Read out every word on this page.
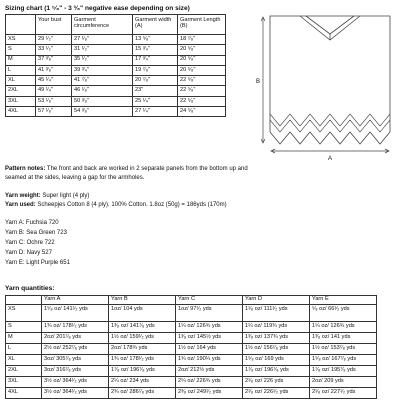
Sizing chart (1 ⁵⁄₈" - 3 ³⁄₈" negative ease depending on size)
	Your bust	Garment circumference	Garment width (A)	Garment Length (B)
XS	29 ¹⁄₂"	27 ¹⁄₈"	13 ⁵⁄₈"	18 ⁷⁄₈"
S	33 ¹⁄₂"	31 ¹⁄₂"	15 ³⁄₄"	20 ⁵⁄₈"
M	37 ³⁄₈"	35 ¹⁄₂"	17 ³⁄₄"	20 ⁵⁄₈"
L	41 ³⁄₈"	39 ³⁄₄"	19 ⁷⁄₈"	20 ⁵⁄₈"
XL	45 ¹⁄₄"	41 ⁷⁄₈"	20 ⁷⁄₈"	22 ⁵⁄₈"
2XL	49 ¹⁄₄"	46 ¹⁄₈"	23"	22 ⁵⁄₈"
3XL	53 ¹⁄₈"	50 ³⁄₈"	25 ¹⁄₄"	22 ⁵⁄₈"
4XL	57 ¹⁄₈"	54 ³⁄₈"	27 ¹⁄₄"	24 ⁵⁄₈"
B
A
Pattern notes: The front and back are worked in 2 separate panels from the bottom up and
seamed at the sides, leaving a gap for the armholes.
Yarn weight: Super light (4 ply)
Yarn used: Scheepjes Cotton 8 (4 ply). 100% Cotton. 1.8oz (50g) = 186yds (170m)
Yarn A: Fuchsia 720
Yarn B: Sea Green 723
Yarn C: Ochre 722
Yarn D: Navy 527
Yarn E: Light Purple 651
Yarn quantities:
	Yarn A	Yarn B	Yarn C	Yarn D	Yarn E
XS	1⁵⁄₈ oz/ 141¹⁄₂ yds	1oz/ 104 yds	1oz/ 97¹⁄₂ yds	1¹⁄₈ oz/ 111¹⁄₂ yds	⁵⁄₈ oz/ 66¹⁄₂ yds
S	1¾ oz/ 178¹⁄₂ yds	1³⁄₈ oz/ 141⁷⁄₈ yds	1¼ oz/ 126¾ yds	1¼ oz/ 119¾ yds	1¼ oz/ 126¾ yds
M	2oz/ 201⁷⁄₈ yds	1½ oz/ 159¹⁄₂ yds	1³⁄₈ oz/ 145½ yds	1³⁄₈ oz/ 137¾ yds	1³⁄₈ oz/ 141 yds
L	2½ oz/ 252⁷⁄₈ yds	2oz/ 178¾ yds	1½ oz/ 164 yds	1½ oz/ 156⁷⁄₈ yds	1½ oz/ 153⁷⁄₈ yds
XL	3oz/ 305⁷⁄₈ yds	1¾ oz/ 178¹⁄₂ yds	1¾ oz/ 190¼ yds	1⁵⁄₈ oz/ 169 yds	1⁵⁄₈ oz/ 167⁷⁄₈ yds
2XL	3oz/ 316⁷⁄₈ yds	1⁷⁄₈ oz/ 196⁷⁄₈ yds	2oz/ 212½ yds	1⁷⁄₈ oz/ 196⁷⁄₈ yds	1⁷⁄₈ oz/ 195⁷⁄₈ yds
3XL	3½ oz/ 364¹⁄₂ yds	2¼ oz/ 234 yds	2¼ oz/ 226¾ yds	2¹⁄₈ oz/ 226 yds	2oz/ 209 yds
4XL	3½ oz/ 364¹⁄₂ yds	2¾ oz/ 286⁷⁄₈ yds	2³⁄₈ oz/ 249¹⁄₂ yds	2¹⁄₈ oz/ 226¹⁄₂ yds	2¹⁄₈ oz/ 227¹⁄₂ yds
